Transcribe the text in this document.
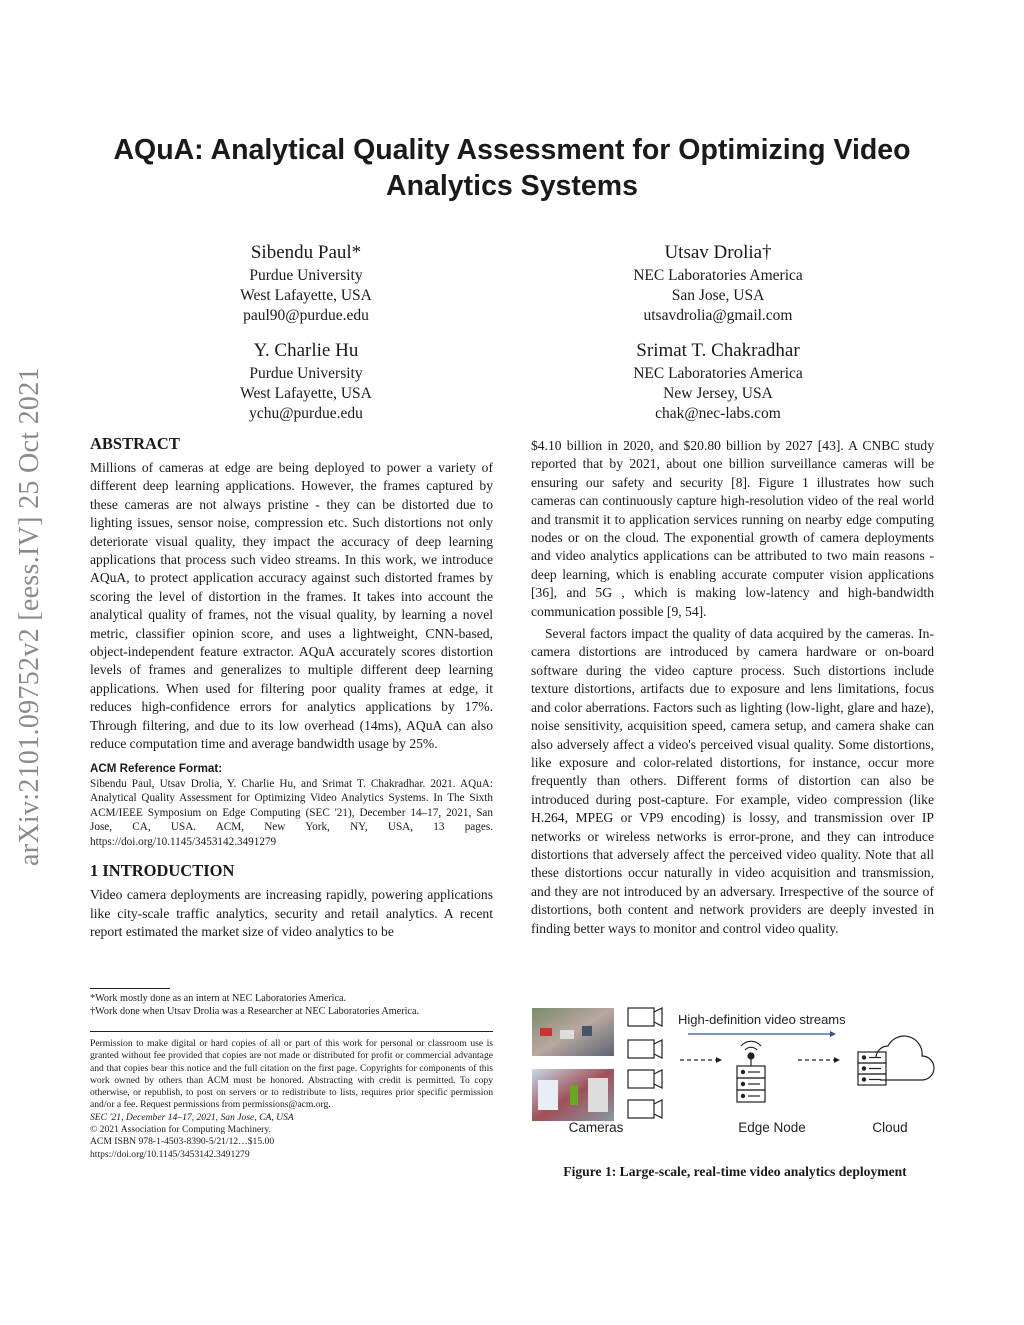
arXiv:2101.09752v2 [eess.IV] 25 Oct 2021
AQuA: Analytical Quality Assessment for Optimizing Video
Analytics Systems
Sibendu Paul*
Purdue University
West Lafayette, USA
paul90@purdue.edu
Utsav Drolia†
NEC Laboratories America
San Jose, USA
utsavdrolia@gmail.com
Y. Charlie Hu
Purdue University
West Lafayette, USA
ychu@purdue.edu
Srimat T. Chakradhar
NEC Laboratories America
New Jersey, USA
chak@nec-labs.com
ABSTRACT
Millions of cameras at edge are being deployed to power a variety of different deep learning applications. However, the frames captured by these cameras are not always pristine - they can be distorted due to lighting issues, sensor noise, compression etc. Such distortions not only deteriorate visual quality, they impact the accuracy of deep learning applications that process such video streams. In this work, we introduce AQuA, to protect application accuracy against such distorted frames by scoring the level of distortion in the frames. It takes into account the analytical quality of frames, not the visual quality, by learning a novel metric, classifier opinion score, and uses a lightweight, CNN-based, object-independent feature extractor. AQuA accurately scores distortion levels of frames and generalizes to multiple different deep learning applications. When used for filtering poor quality frames at edge, it reduces high-confidence errors for analytics applications by 17%. Through filtering, and due to its low overhead (14ms), AQuA can also reduce computation time and average bandwidth usage by 25%.
ACM Reference Format:
Sibendu Paul, Utsav Drolia, Y. Charlie Hu, and Srimat T. Chakradhar. 2021. AQuA: Analytical Quality Assessment for Optimizing Video Analytics Systems. In The Sixth ACM/IEEE Symposium on Edge Computing (SEC '21), December 14–17, 2021, San Jose, CA, USA. ACM, New York, NY, USA, 13 pages. https://doi.org/10.1145/3453142.3491279
1 INTRODUCTION
Video camera deployments are increasing rapidly, powering applications like city-scale traffic analytics, security and retail analytics. A recent report estimated the market size of video analytics to be
*Work mostly done as an intern at NEC Laboratories America.
†Work done when Utsav Drolia was a Researcher at NEC Laboratories America.
Permission to make digital or hard copies of all or part of this work for personal or classroom use is granted without fee provided that copies are not made or distributed for profit or commercial advantage and that copies bear this notice and the full citation on the first page. Copyrights for components of this work owned by others than ACM must be honored. Abstracting with credit is permitted. To copy otherwise, or republish, to post on servers or to redistribute to lists, requires prior specific permission and/or a fee. Request permissions from permissions@acm.org.
SEC '21, December 14–17, 2021, San Jose, CA, USA
© 2021 Association for Computing Machinery.
ACM ISBN 978-1-4503-8390-5/21/12…$15.00
https://doi.org/10.1145/3453142.3491279

$4.10 billion in 2020, and $20.80 billion by 2027 [43]. A CNBC study reported that by 2021, about one billion surveillance cameras will be ensuring our safety and security [8]. Figure 1 illustrates how such cameras can continuously capture high-resolution video of the real world and transmit it to application services running on nearby edge computing nodes or on the cloud. The exponential growth of camera deployments and video analytics applications can be attributed to two main reasons - deep learning, which is enabling accurate computer vision applications [36], and 5G , which is making low-latency and high-bandwidth communication possible [9, 54].

Several factors impact the quality of data acquired by the cameras. In-camera distortions are introduced by camera hardware or on-board software during the video capture process. Such distortions include texture distortions, artifacts due to exposure and lens limitations, focus and color aberrations. Factors such as lighting (low-light, glare and haze), noise sensitivity, acquisition speed, camera setup, and camera shake can also adversely affect a video's perceived visual quality. Some distortions, like exposure and color-related distortions, for instance, occur more frequently than others. Different forms of distortion can also be introduced during post-capture. For example, video compression (like H.264, MPEG or VP9 encoding) is lossy, and transmission over IP networks or wireless networks is error-prone, and they can introduce distortions that adversely affect the perceived video quality. Note that all these distortions occur naturally in video acquisition and transmission, and they are not introduced by an adversary. Irrespective of the source of distortions, both content and network providers are deeply invested in finding better ways to monitor and control video quality.

High-definition video streams
Cameras	Edge Node	Cloud
Figure 1: Large-scale, real-time video analytics deployment
